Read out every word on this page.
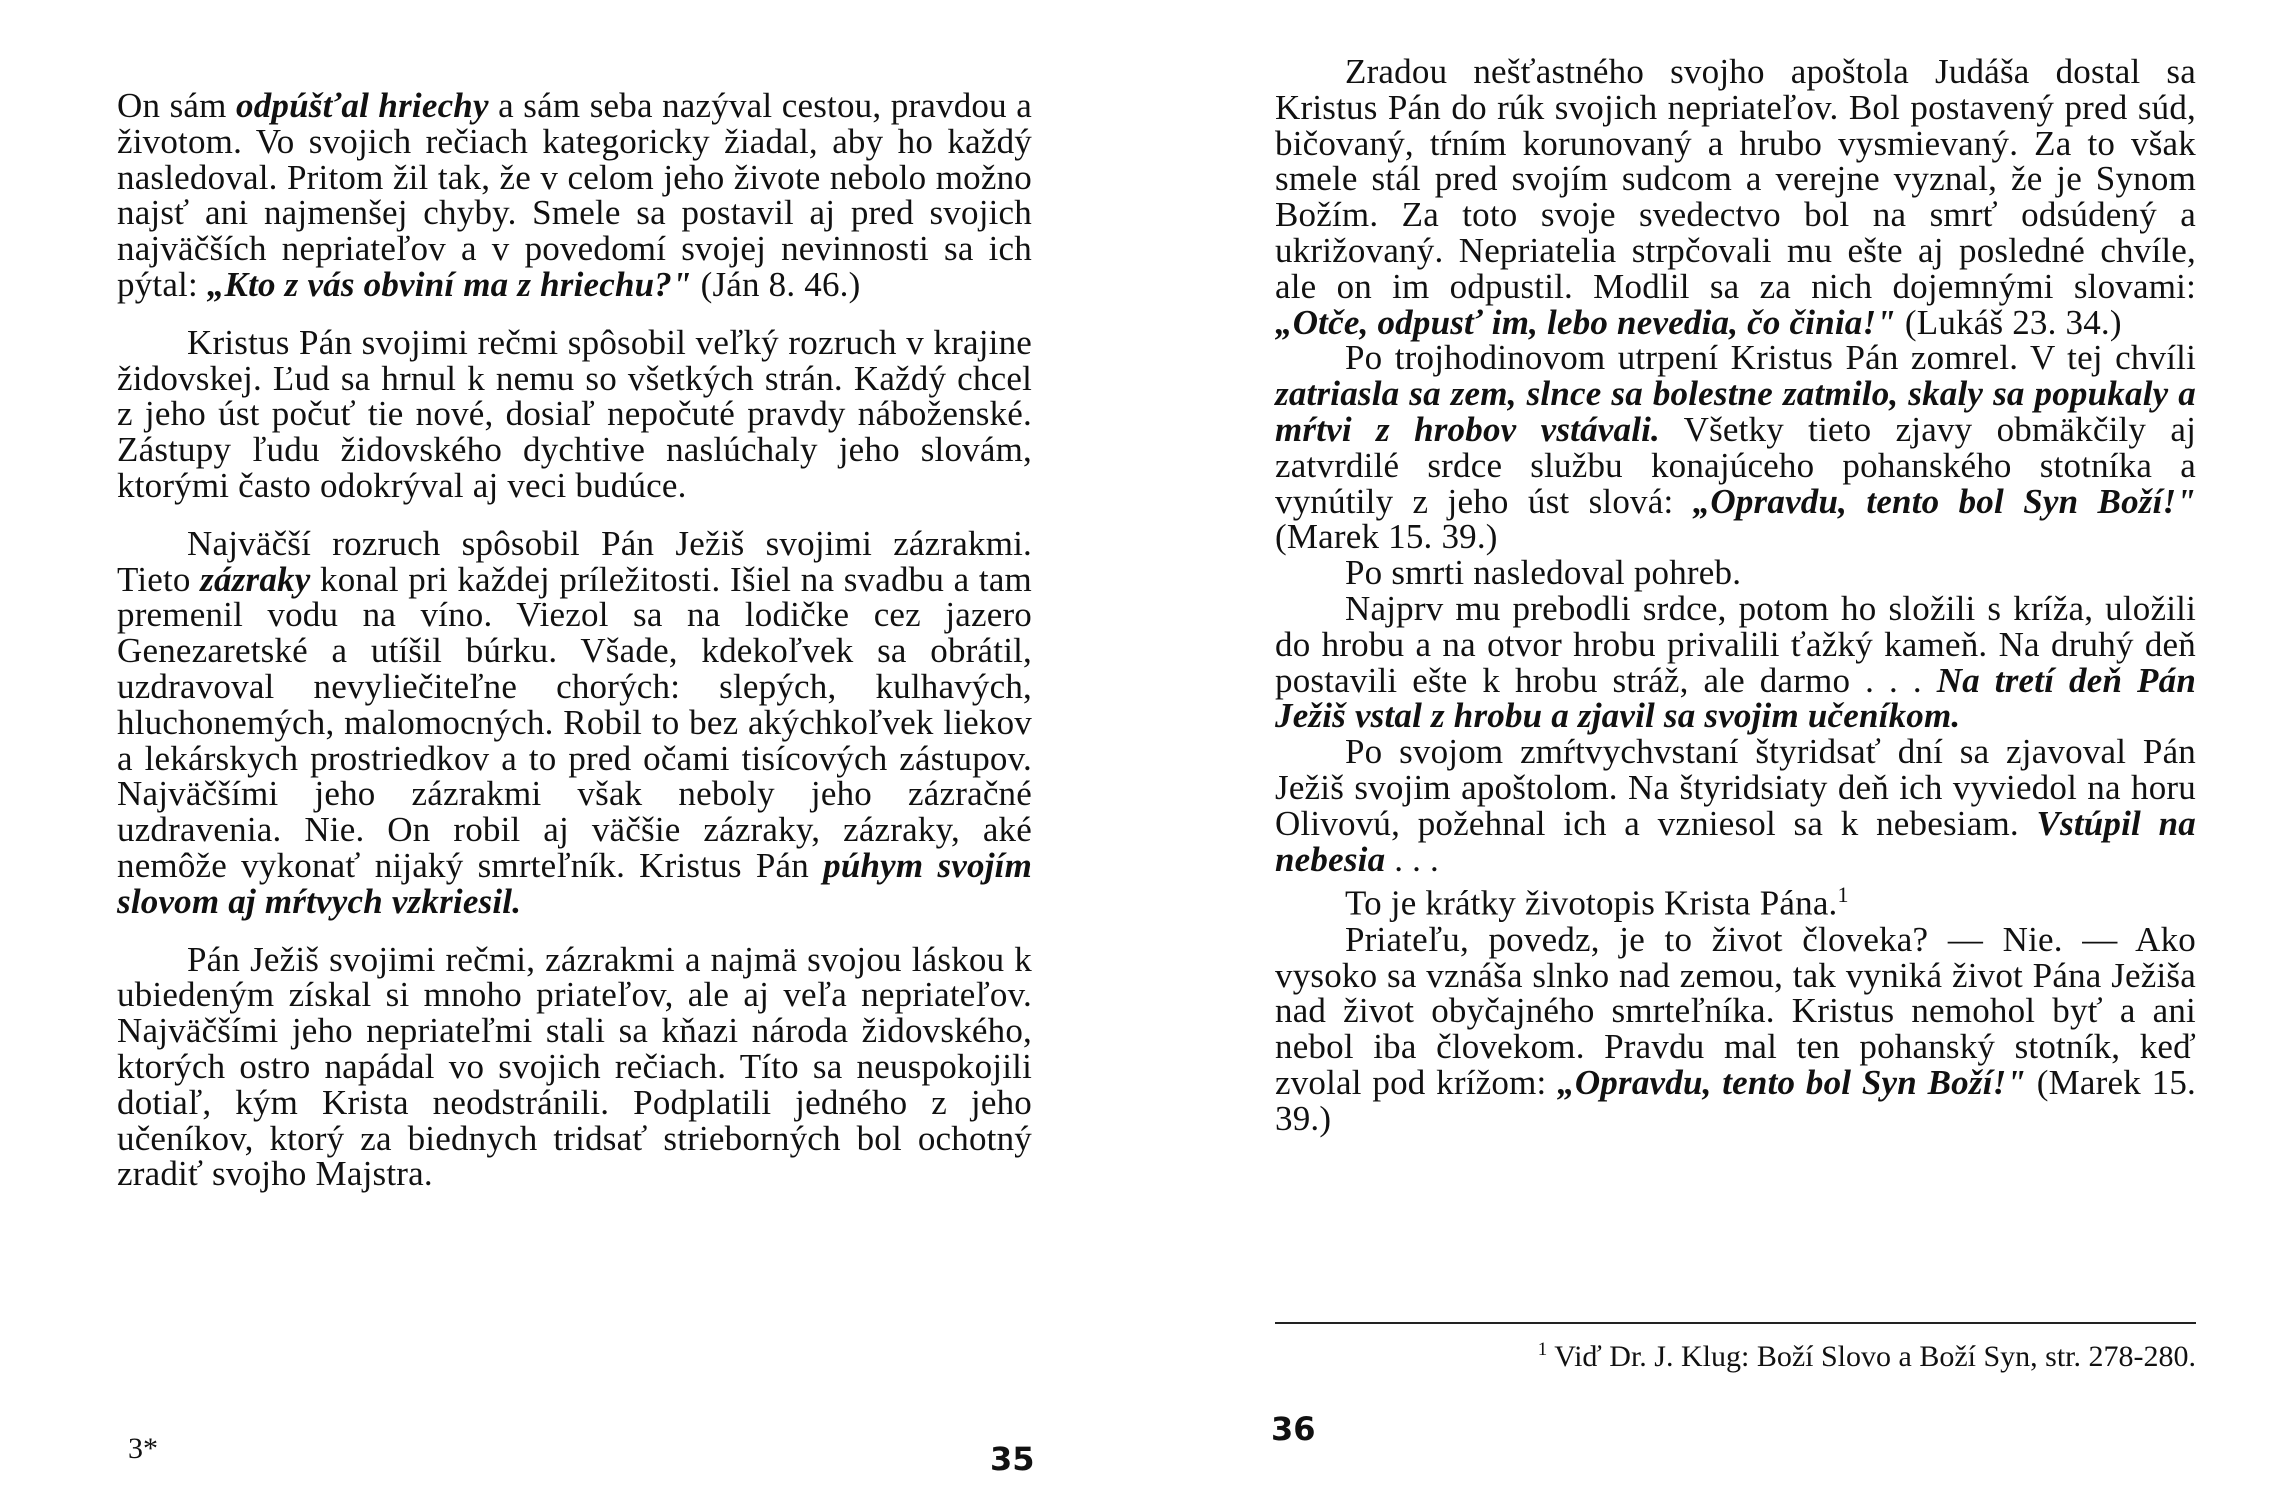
On sám odpúšťal hriechy a sám seba nazýval cestou, pravdou a životom. Vo svojich rečiach kategoricky žiadal, aby ho každý nasledoval. Pritom žil tak, že v celom jeho živote nebolo možno najsť ani najmenšej chyby. Smele sa postavil aj pred svojich najväčších nepriateľov a v povedomí svojej nevinnosti sa ich pýtal: „Kto z vás obviní ma z hriechu?" (Ján 8. 46.)

Kristus Pán svojimi rečmi spôsobil veľký rozruch v krajine židovskej. Ľud sa hrnul k nemu so všetkých strán. Každý chcel z jeho úst počuť tie nové, dosiaľ nepočuté pravdy náboženské. Zástupy ľudu židovského dychtive naslúchaly jeho slovám, ktorými často odokrýval aj veci budúce.

Najväčší rozruch spôsobil Pán Ježiš svojimi zázrakmi. Tieto zázraky konal pri každej príležitosti. Išiel na svadbu a tam premenil vodu na víno. Viezol sa na lodičke cez jazero Genezaretské a utíšil búrku. Všade, kdekoľvek sa obrátil, uzdravoval nevyliečiteľne chorých: slepých, kulhavých, hluchonemých, malomocných. Robil to bez akýchkoľvek liekov a lekárskych prostriedkov a to pred očami tisícových zástupov. Najväčšími jeho zázrakmi však neboly jeho zázračné uzdravenia. Nie. On robil aj väčšie zázraky, zázraky, aké nemôže vykonať nijaký smrteľník. Kristus Pán púhym svojím slovom aj mŕtvych vzkriesil.

Pán Ježiš svojimi rečmi, zázrakmi a najmä svojou láskou k ubiedeným získal si mnoho priateľov, ale aj veľa nepriateľov. Najväčšími jeho nepriateľmi stali sa kňazi národa židovského, ktorých ostro napádal vo svojich rečiach. Títo sa neuspokojili dotiaľ, kým Krista neodstránili. Podplatili jedného z jeho učeníkov, ktorý za biednych tridsať strieborných bol ochotný zradiť svojho Majstra.

3*	35

Zradou nešťastného svojho apoštola Judáša dostal sa Kristus Pán do rúk svojich nepriateľov. Bol postavený pred súd, bičovaný, tŕním korunovaný a hrubo vysmievaný. Za to však smele stál pred svojím sudcom a verejne vyznal, že je Synom Božím. Za toto svoje svedectvo bol na smrť odsúdený a ukrižovaný. Nepriatelia strpčovali mu ešte aj posledné chvíle, ale on im odpustil. Modlil sa za nich dojemnými slovami: „Otče, odpusť im, lebo nevedia, čo činia!" (Lukáš 23. 34.)

Po trojhodinovom utrpení Kristus Pán zomrel. V tej chvíli zatriasla sa zem, slnce sa bolestne zatmilo, skaly sa popukaly a mŕtvi z hrobov vstávali. Všetky tieto zjavy obmäkčily aj zatvrdilé srdce službu konajúceho pohanského stotníka a vynútily z jeho úst slová: „Opravdu, tento bol Syn Boží!" (Marek 15. 39.)

Po smrti nasledoval pohreb.

Najprv mu prebodli srdce, potom ho složili s kríža, uložili do hrobu a na otvor hrobu privalili ťažký kameň. Na druhý deň postavili ešte k hrobu stráž, ale darmo . . . Na tretí deň Pán Ježiš vstal z hrobu a zjavil sa svojim učeníkom.

Po svojom zmŕtvychvstaní štyridsať dní sa zjavoval Pán Ježiš svojim apoštolom. Na štyridsiaty deň ich vyviedol na horu Olivovú, požehnal ich a vzniesol sa k nebesiam. Vstúpil na nebesia . . .

To je krátky životopis Krista Pána.$^1$

Priateľu, povedz, je to život človeka? — Nie. — Ako vysoko sa vznáša slnko nad zemou, tak vyniká život Pána Ježiša nad život obyčajného smrteľníka. Kristus nemohol byť a ani nebol iba človekom. Pravdu mal ten pohanský stotník, keď zvolal pod krížom: „Opravdu, tento bol Syn Boží!" (Marek 15. 39.)

$^1$ Viď Dr. J. Klug: Boží Slovo a Boží Syn, str. 278-280.
36
